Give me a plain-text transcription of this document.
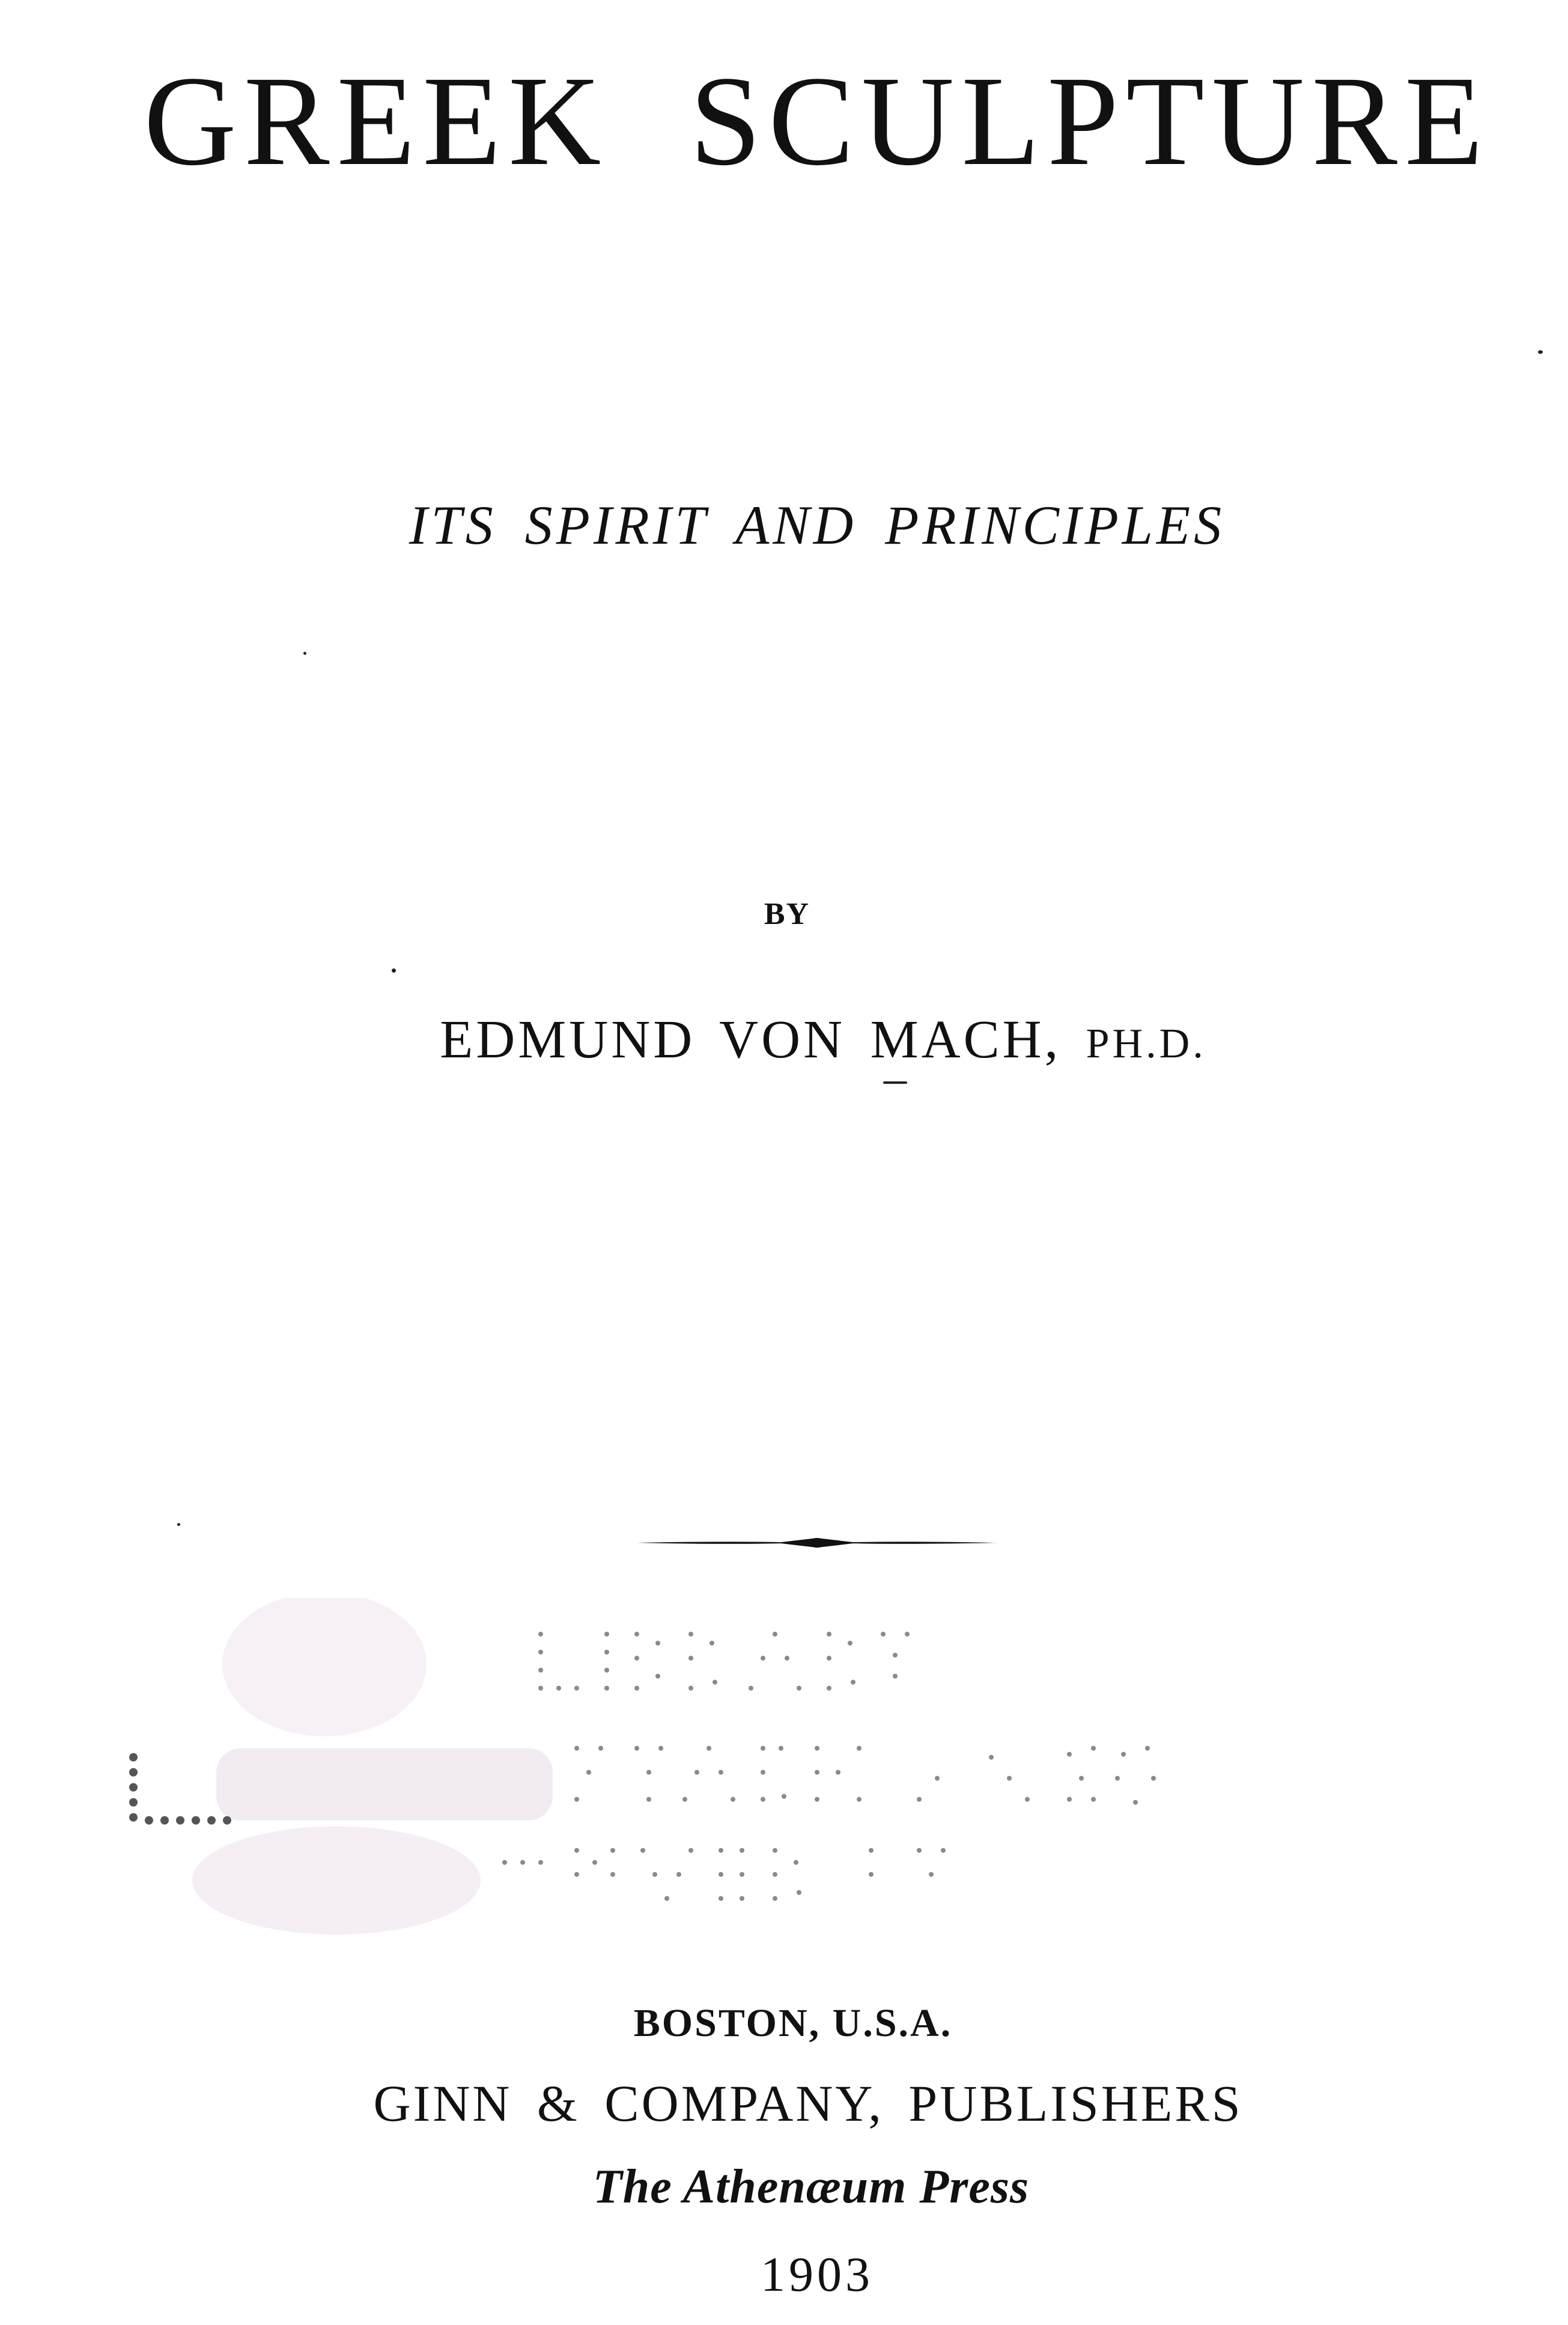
GREEK SCULPTURE
ITS SPIRIT AND PRINCIPLES
BY
EDMUND VON MACH, PH.D.
BOSTON, U.S.A.
GINN & COMPANY, PUBLISHERS
The Athenæum Press
1903
